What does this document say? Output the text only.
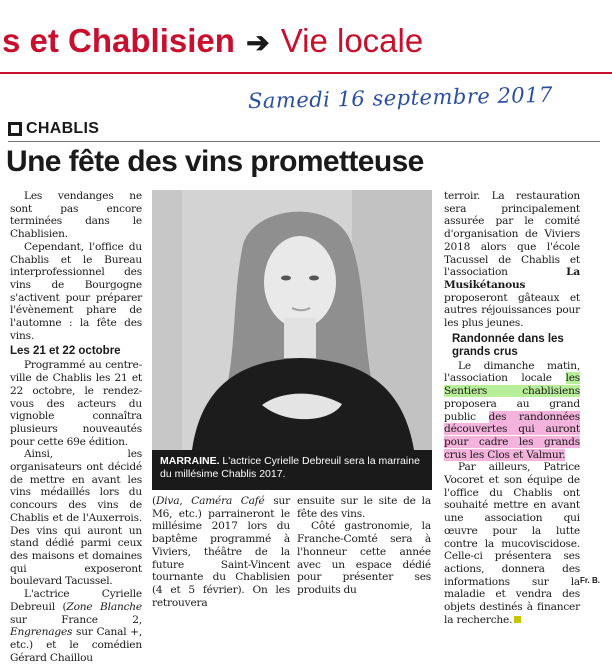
s et Chablisien ➔ Vie locale
Samedi 16 septembre 2017
CHABLIS
Une fête des vins prometteuse

Les vendanges ne sont pas encore terminées dans le Chablisien.

Cependant, l'office du Chablis et le Bureau interprofessionnel des vins de Bourgogne s'activent pour préparer l'évènement phare de l'automne : la fête des vins.

Les 21 et 22 octobre

Programmé au centre-ville de Chablis les 21 et 22 octobre, le rendez-vous des acteurs du vignoble connaîtra plusieurs nouveautés pour cette 69e édition.

Ainsi, les organisateurs ont décidé de mettre en avant les vins médaillés lors du concours des vins de Chablis et de l'Auxerrois. Des vins qui auront un stand dédié parmi ceux des maisons et domaines qui exposeront boulevard Tacussel.

L'actrice Cyrielle Debreuil (Zone Blanche sur France 2, Engrenages sur Canal +, etc.) et le comédien Gérard Chaillou

MARRAINE. L'actrice Cyrielle Debreuil sera la marraine du millésime Chablis 2017.

(Diva, Caméra Café sur M6, etc.) parraineront le millésime 2017 lors du baptême programmé à Viviers, théâtre de la future Saint-Vincent tournante du Chablisien (4 et 5 février). On les retrouvera

ensuite sur le site de la fête des vins.

Côté gastronomie, la Franche-Comté sera à l'honneur cette année avec un espace dédié pour présenter ses produits du

terroir. La restauration sera principalement assurée par le comité d'organisation de Viviers 2018 alors que l'école Tacussel de Chablis et l'association La Musikétanous proposeront gâteaux et autres réjouissances pour les plus jeunes.

Randonnée dans les grands crus

Le dimanche matin, l'association locale les Sentiers chablisiens proposera au grand public des randonnées découvertes qui auront pour cadre les grands crus les Clos et Valmur.

Par ailleurs, Patrice Vocoret et son équipe de l'office du Chablis ont souhaité mettre en avant une association qui œuvre pour la lutte contre la mucoviscidose. Celle-ci présentera ses actions, donnera des informations sur la maladie et vendra des objets destinés à financer la recherche.

Fr. B.
